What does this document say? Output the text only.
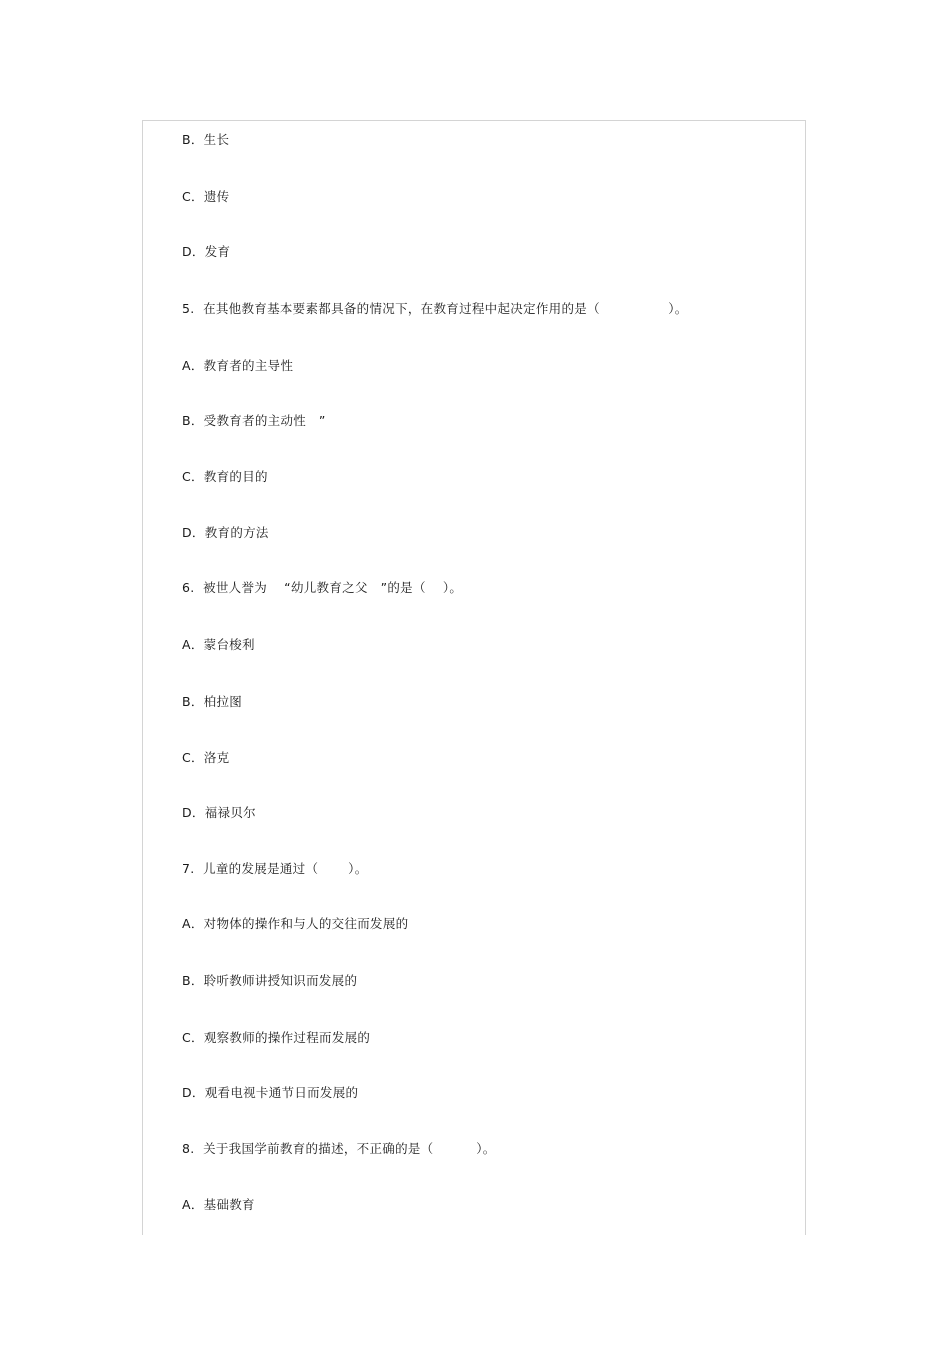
B．生长
C．遗传
D．发育
5.  在其他教育基本要素都具备的情况下，在教育过程中起决定作用的是（                ）。
A．教育者的主导性
B．受教育者的主动性   ”
C．教育的目的
D．教育的方法
6.  被世人誉为    “幼儿教育之父   ”的是（    ）。
A．蒙台梭利
B．柏拉图
C．洛克
D．福禄贝尔
7.  儿童的发展是通过（       ）。
A．对物体的操作和与人的交往而发展的
B．聆听教师讲授知识而发展的
C．观察教师的操作过程而发展的
D．观看电视卡通节日而发展的
8.  关于我国学前教育的描述，不正确的是（          ）。
A．基础教育
